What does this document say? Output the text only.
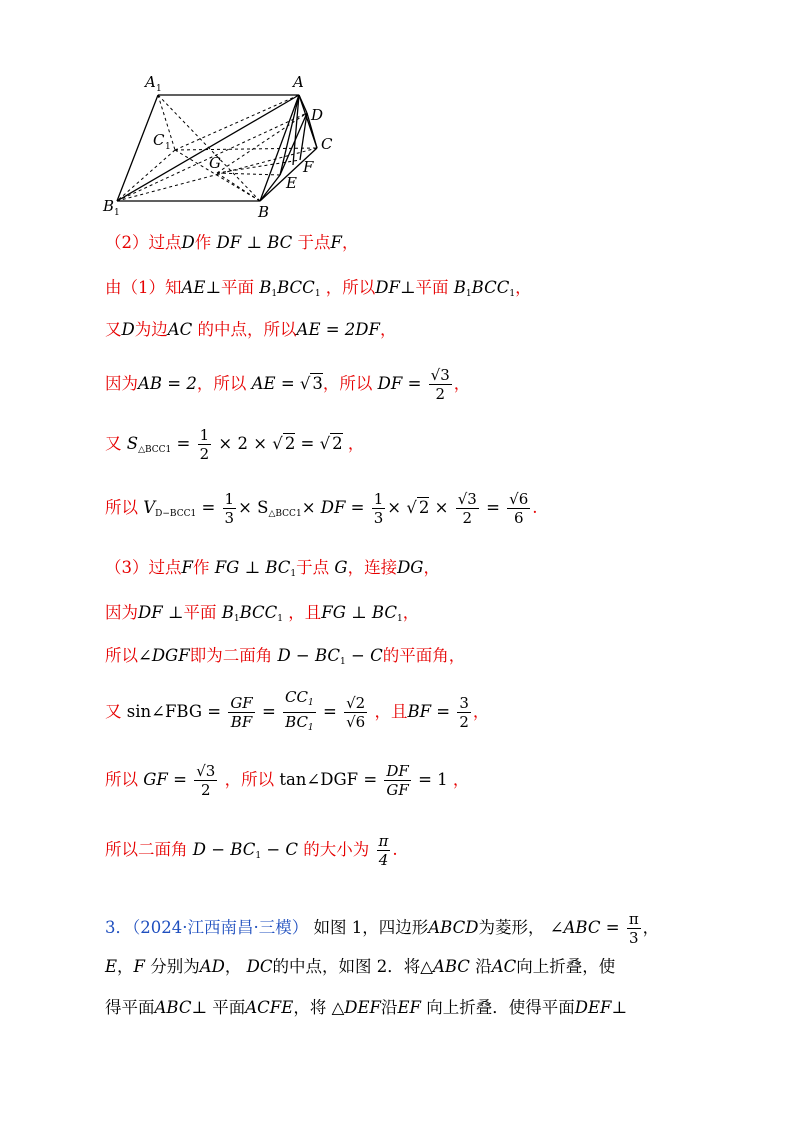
A 1	A
D
C 1	C
G	F
E
B 1	B
（2）过点D作 DF ⊥ BC 于点F，
由（1）知AE⊥平面 $B_1BCC_1$ ，所以DF⊥平面 $B_1BCC_1$，
又D为边AC 的中点，所以AE = 2DF，
因为AB = 2，所以 AE = √ 3，所以 DF = $\frac{√3}{2}$ ，
又 $S_{\triangle BCC1} = \frac{1}{2} \times 2$ × √ 2 = √ 2 ，
所以 $V_{D-BCC1} = \frac{1}{3} \times S_{\triangle BCC1}\times$ DF = $\frac{1}{3}$ × √ $2 \times \frac{√3}{2} = \frac{√6}{6}$ .
（3）过点F作 FG ⊥ $BC_1$于点 G，连接DG，
因为DF ⊥平面 $B_1BCC_1$ ，且FG ⊥ $BC_1$，
所以∠DGF即为二面角 $D - BC_1 - C$的平面角，
又 sin∠FBG = $\frac{GF}{BF} = \frac{CC_1}{BC_1} = \frac{√2}{√6}$ ，且BF = $\frac{3}{2}$ ，
所以 GF = $\frac{√3}{2}$ ，所以 tan∠DGF = $\frac{DF}{GF} = 1$ ，
所以二面角 $D - BC_1 - C$ 的大小为 $\frac{\pi}{4}$ .
3．（2024·江西南昌·三模） 如图 1，四边形ABCD为菱形， ∠ABC = $\frac{\pi}{3}$ ，
E，F 分别为AD， DC的中点，如图 2．将△ABC 沿AC向上折叠，使
得平面ABC⊥ 平面ACFE，将 △DEF沿EF 向上折叠．使得平面DEF⊥
